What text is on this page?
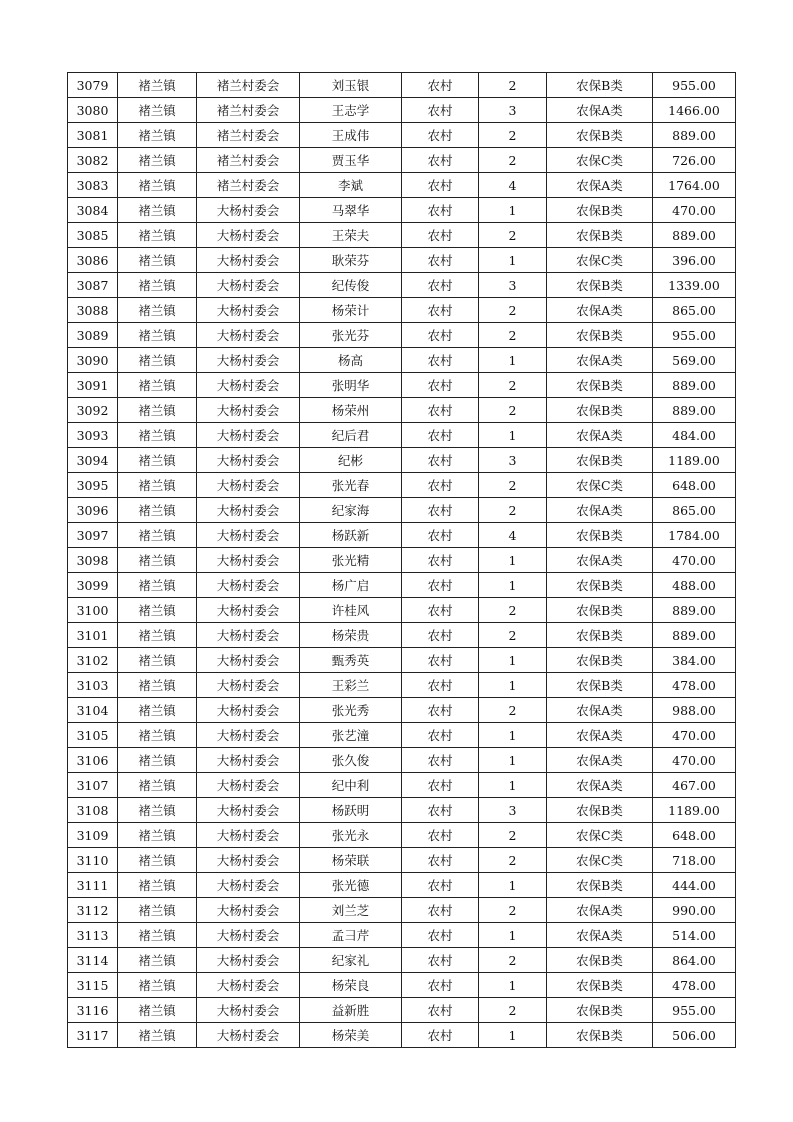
3079	褚兰镇	褚兰村委会	刘玉银	农村	2	农保B类	955.00
3080	褚兰镇	褚兰村委会	王志学	农村	3	农保A类	1466.00
3081	褚兰镇	褚兰村委会	王成伟	农村	2	农保B类	889.00
3082	褚兰镇	褚兰村委会	贾玉华	农村	2	农保C类	726.00
3083	褚兰镇	褚兰村委会	李斌	农村	4	农保A类	1764.00
3084	褚兰镇	大杨村委会	马翠华	农村	1	农保B类	470.00
3085	褚兰镇	大杨村委会	王荣夫	农村	2	农保B类	889.00
3086	褚兰镇	大杨村委会	耿荣芬	农村	1	农保C类	396.00
3087	褚兰镇	大杨村委会	纪传俊	农村	3	农保B类	1339.00
3088	褚兰镇	大杨村委会	杨荣计	农村	2	农保A类	865.00
3089	褚兰镇	大杨村委会	张光芬	农村	2	农保B类	955.00
3090	褚兰镇	大杨村委会	杨高	农村	1	农保A类	569.00
3091	褚兰镇	大杨村委会	张明华	农村	2	农保B类	889.00
3092	褚兰镇	大杨村委会	杨荣州	农村	2	农保B类	889.00
3093	褚兰镇	大杨村委会	纪后君	农村	1	农保A类	484.00
3094	褚兰镇	大杨村委会	纪彬	农村	3	农保B类	1189.00
3095	褚兰镇	大杨村委会	张光春	农村	2	农保C类	648.00
3096	褚兰镇	大杨村委会	纪家海	农村	2	农保A类	865.00
3097	褚兰镇	大杨村委会	杨跃新	农村	4	农保B类	1784.00
3098	褚兰镇	大杨村委会	张光精	农村	1	农保A类	470.00
3099	褚兰镇	大杨村委会	杨广启	农村	1	农保B类	488.00
3100	褚兰镇	大杨村委会	许桂风	农村	2	农保B类	889.00
3101	褚兰镇	大杨村委会	杨荣贵	农村	2	农保B类	889.00
3102	褚兰镇	大杨村委会	甄秀英	农村	1	农保B类	384.00
3103	褚兰镇	大杨村委会	王彩兰	农村	1	农保B类	478.00
3104	褚兰镇	大杨村委会	张光秀	农村	2	农保A类	988.00
3105	褚兰镇	大杨村委会	张艺潼	农村	1	农保A类	470.00
3106	褚兰镇	大杨村委会	张久俊	农村	1	农保A类	470.00
3107	褚兰镇	大杨村委会	纪中利	农村	1	农保A类	467.00
3108	褚兰镇	大杨村委会	杨跃明	农村	3	农保B类	1189.00
3109	褚兰镇	大杨村委会	张光永	农村	2	农保C类	648.00
3110	褚兰镇	大杨村委会	杨荣联	农村	2	农保C类	718.00
3111	褚兰镇	大杨村委会	张光德	农村	1	农保B类	444.00
3112	褚兰镇	大杨村委会	刘兰芝	农村	2	农保A类	990.00
3113	褚兰镇	大杨村委会	孟彐芹	农村	1	农保A类	514.00
3114	褚兰镇	大杨村委会	纪家礼	农村	2	农保B类	864.00
3115	褚兰镇	大杨村委会	杨荣良	农村	1	农保B类	478.00
3116	褚兰镇	大杨村委会	益新胜	农村	2	农保B类	955.00
3117	褚兰镇	大杨村委会	杨荣美	农村	1	农保B类	506.00
